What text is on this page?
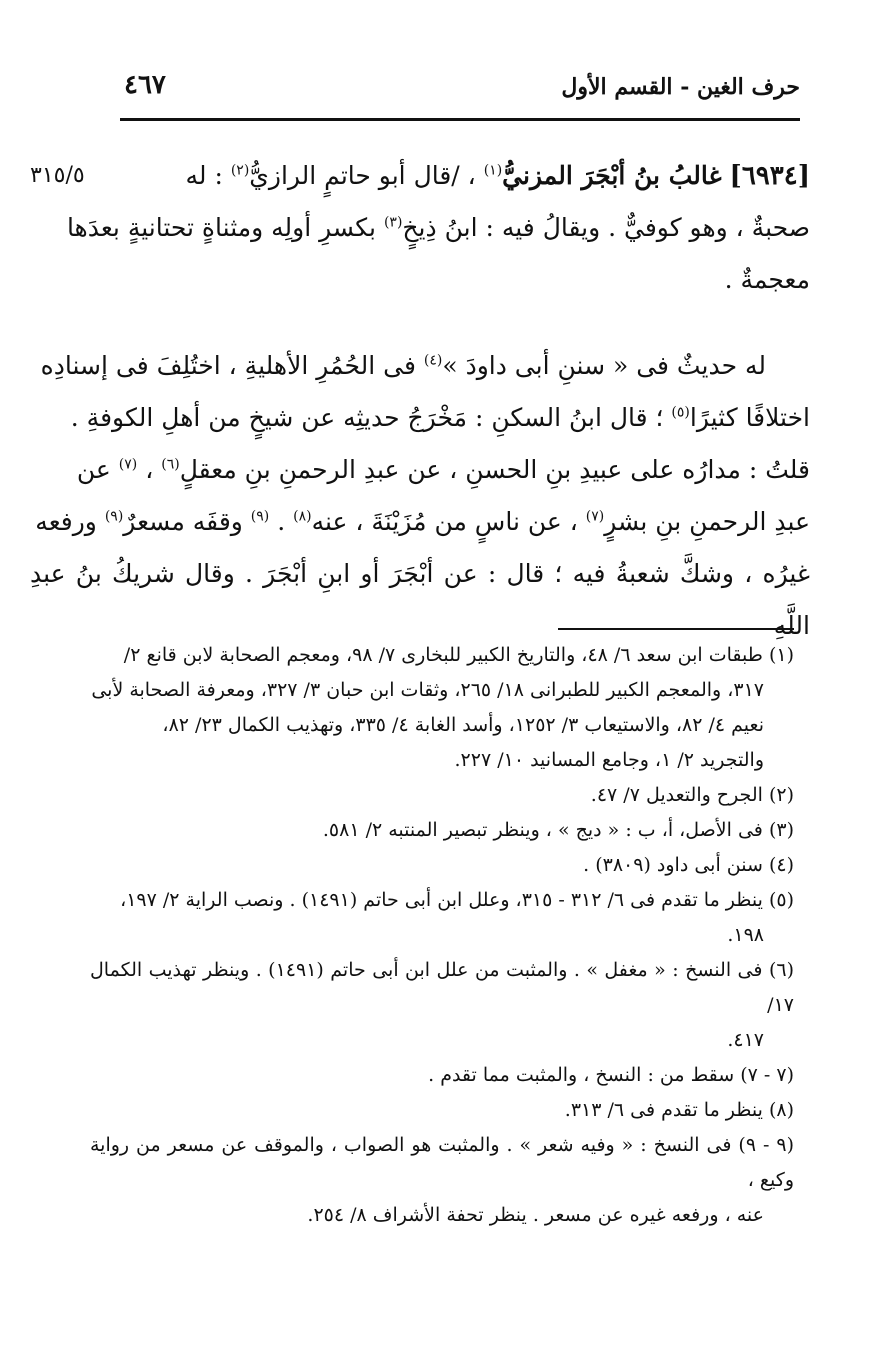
حرف الغين - القسم الأول
٤٦٧
٣١٥/٥	[٦٩٣٤] غالبُ بنُ أبْجَرَ المزنيُّ$^{(١)}$ ، /قال أبو حاتمٍ الرازيُّ$^{(٢)}$ : له
صحبةٌ ، وهو كوفيٌّ . ويقالُ فيه : ابنُ ذِيخٍ$^{(٣)}$ بكسرِ أولِه ومثناةٍ تحتانيةٍ بعدَها
معجمةٌ .
له حديثٌ فى « سننِ أبى داودَ »$^{(٤)}$ فى الحُمُرِ الأهليةِ ، اختُلِفَ فى إسنادِه
اختلافًا كثيرًا$^{(٥)}$ ؛ قال ابنُ السكنِ : مَخْرَجُ حديثِه عن شيخٍ من أهلِ الكوفةِ .
قلتُ : مدارُه على عبيدِ بنِ الحسنِ ، عن عبدِ الرحمنِ بنِ معقلٍ$^{(٦)}$ ، $^{(٧)}$ عن
عبدِ الرحمنِ بنِ بشرٍ$^{(٧)}$ ، عن ناسٍ من مُزَيْنَةَ ، عنه$^{(٨)}$ . $^{(٩)}$ وقفَه مسعرٌ$^{(٩)}$ ورفعه
غيرُه ، وشكَّ شعبةُ فيه ؛ قال : عن أبْجَرَ أو ابنِ أبْجَرَ . وقال شريكُ بنُ عبدِ اللَّهِ

(١) طبقات ابن سعد ٦/ ٤٨، والتاريخ الكبير للبخارى ٧/ ٩٨، ومعجم الصحابة لابن قانع ٢/
٣١٧، والمعجم الكبير للطبرانى ١٨/ ٢٦٥، وثقات ابن حبان ٣/ ٣٢٧، ومعرفة الصحابة لأبى
نعيم ٤/ ٨٢، والاستيعاب ٣/ ١٢٥٢، وأسد الغابة ٤/ ٣٣٥، وتهذيب الكمال ٢٣/ ٨٢،
والتجريد ٢/ ١، وجامع المسانيد ١٠/ ٢٢٧.

(٢) الجرح والتعديل ٧/ ٤٧.

(٣) فى الأصل، أ، ب : « ديج » ، وينظر تبصير المنتبه ٢/ ٥٨١.

(٤) سنن أبى داود (٣٨٠٩) .

(٥) ينظر ما تقدم فى ٦/ ٣١٢ - ٣١٥، وعلل ابن أبى حاتم (١٤٩١) . ونصب الراية ٢/ ١٩٧،
١٩٨.

(٦) فى النسخ : « مغفل » . والمثبت من علل ابن أبى حاتم (١٤٩١) . وينظر تهذيب الكمال ١٧/
٤١٧.

(٧ - ٧) سقط من : النسخ ، والمثبت مما تقدم .

(٨) ينظر ما تقدم فى ٦/ ٣١٣.

(٩ - ٩) فى النسخ : « وفيه شعر » . والمثبت هو الصواب ، والموقف عن مسعر من رواية وكيع ،
عنه ، ورفعه غيره عن مسعر . ينظر تحفة الأشراف ٨/ ٢٥٤.
